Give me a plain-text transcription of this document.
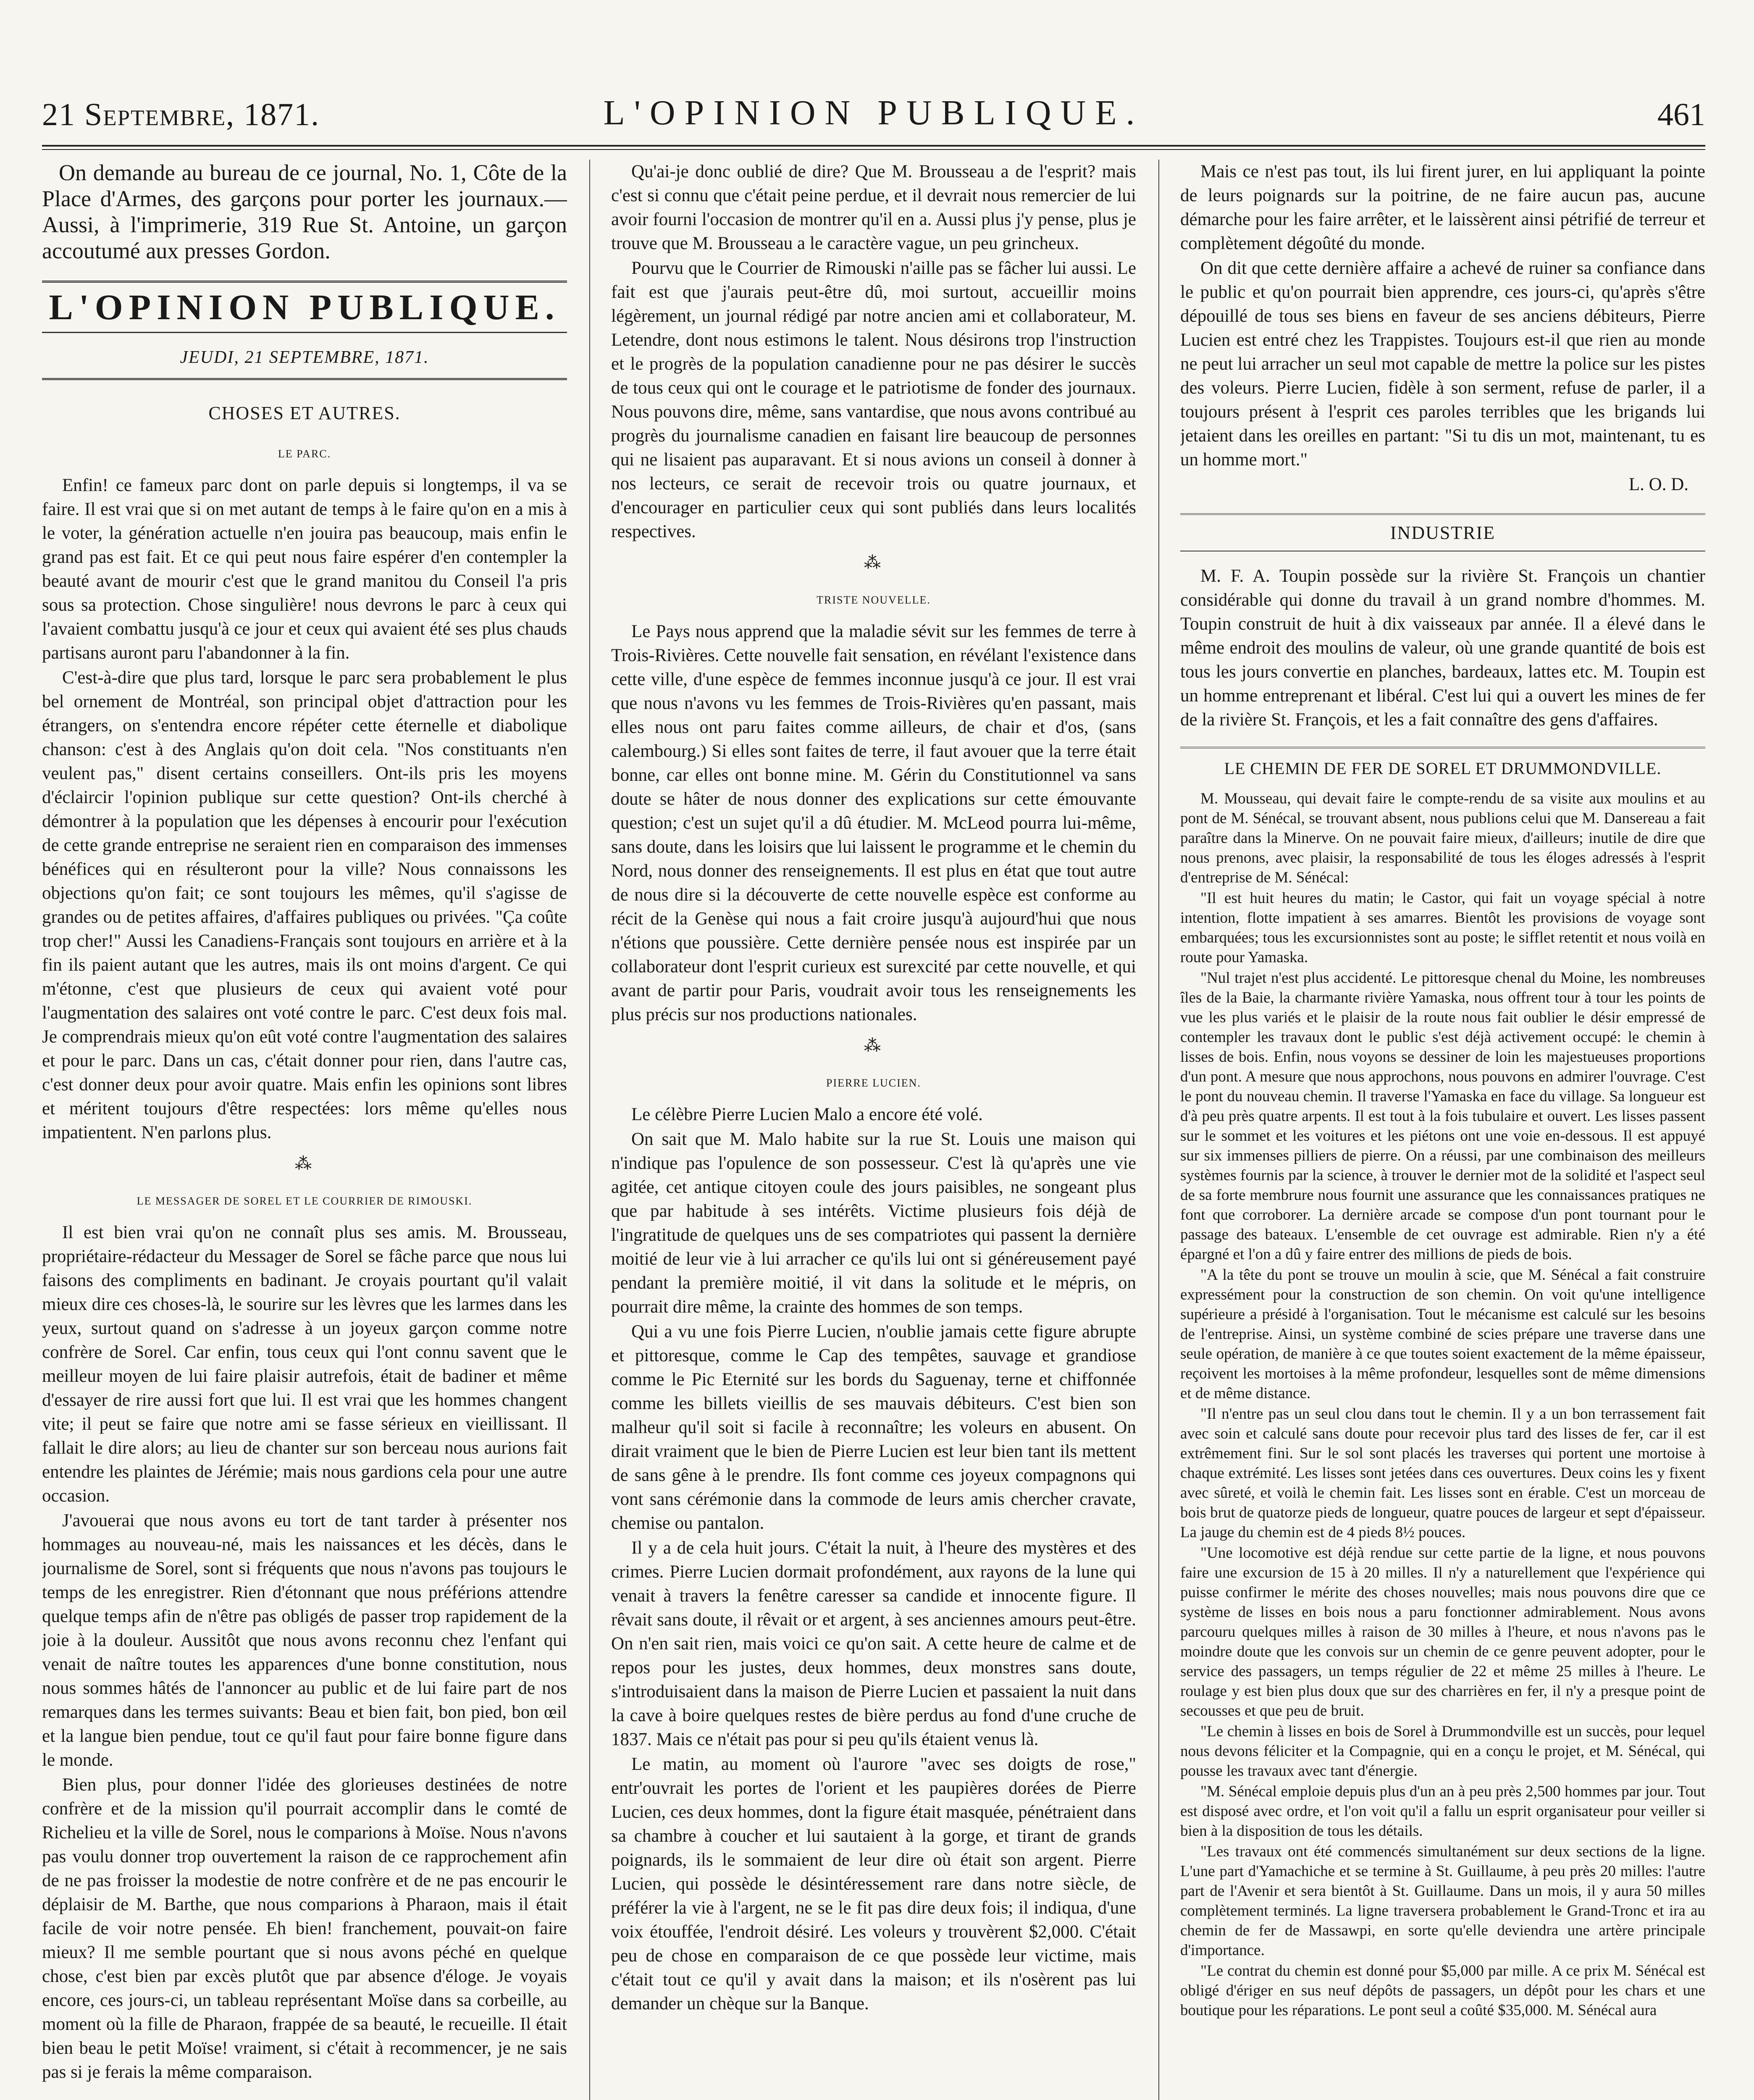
21 Septembre, 1871.	L'OPINION PUBLIQUE.	461

On demande au bureau de ce journal, No. 1, Côte de la Place d'Armes, des garçons pour porter les journaux.—Aussi, à l'imprimerie, 319 Rue St. Antoine, un garçon accoutumé aux presses Gordon.

L'OPINION PUBLIQUE.
JEUDI, 21 SEPTEMBRE, 1871.
CHOSES ET AUTRES.
LE PARC.

Enfin! ce fameux parc dont on parle depuis si longtemps, il va se faire. Il est vrai que si on met autant de temps à le faire qu'on en a mis à le voter, la génération actuelle n'en jouira pas beaucoup, mais enfin le grand pas est fait. Et ce qui peut nous faire espérer d'en contempler la beauté avant de mourir c'est que le grand manitou du Conseil l'a pris sous sa protection. Chose singulière! nous devrons le parc à ceux qui l'avaient combattu jusqu'à ce jour et ceux qui avaient été ses plus chauds partisans auront paru l'abandonner à la fin.

C'est-à-dire que plus tard, lorsque le parc sera probablement le plus bel ornement de Montréal, son principal objet d'attraction pour les étrangers, on s'entendra encore répéter cette éternelle et diabolique chanson: c'est à des Anglais qu'on doit cela. "Nos constituants n'en veulent pas," disent certains conseillers. Ont-ils pris les moyens d'éclaircir l'opinion publique sur cette question? Ont-ils cherché à démontrer à la population que les dépenses à encourir pour l'exécution de cette grande entreprise ne seraient rien en comparaison des immenses bénéfices qui en résulteront pour la ville? Nous connaissons les objections qu'on fait; ce sont toujours les mêmes, qu'il s'agisse de grandes ou de petites affaires, d'affaires publiques ou privées. "Ça coûte trop cher!" Aussi les Canadiens-Français sont toujours en arrière et à la fin ils paient autant que les autres, mais ils ont moins d'argent. Ce qui m'étonne, c'est que plusieurs de ceux qui avaient voté pour l'augmentation des salaires ont voté contre le parc. C'est deux fois mal. Je comprendrais mieux qu'on eût voté contre l'augmentation des salaires et pour le parc. Dans un cas, c'était donner pour rien, dans l'autre cas, c'est donner deux pour avoir quatre. Mais enfin les opinions sont libres et méritent toujours d'être respectées: lors même qu'elles nous impatientent. N'en parlons plus.

⁂
LE MESSAGER DE SOREL ET LE COURRIER DE RIMOUSKI.

Il est bien vrai qu'on ne connaît plus ses amis. M. Brousseau, propriétaire-rédacteur du Messager de Sorel se fâche parce que nous lui faisons des compliments en badinant. Je croyais pourtant qu'il valait mieux dire ces choses-là, le sourire sur les lèvres que les larmes dans les yeux, surtout quand on s'adresse à un joyeux garçon comme notre confrère de Sorel. Car enfin, tous ceux qui l'ont connu savent que le meilleur moyen de lui faire plaisir autrefois, était de badiner et même d'essayer de rire aussi fort que lui. Il est vrai que les hommes changent vite; il peut se faire que notre ami se fasse sérieux en vieillissant. Il fallait le dire alors; au lieu de chanter sur son berceau nous aurions fait entendre les plaintes de Jérémie; mais nous gardions cela pour une autre occasion.

J'avouerai que nous avons eu tort de tant tarder à présenter nos hommages au nouveau-né, mais les naissances et les décès, dans le journalisme de Sorel, sont si fréquents que nous n'avons pas toujours le temps de les enregistrer. Rien d'étonnant que nous préférions attendre quelque temps afin de n'être pas obligés de passer trop rapidement de la joie à la douleur. Aussitôt que nous avons reconnu chez l'enfant qui venait de naître toutes les apparences d'une bonne constitution, nous nous sommes hâtés de l'annoncer au public et de lui faire part de nos remarques dans les termes suivants: Beau et bien fait, bon pied, bon œil et la langue bien pendue, tout ce qu'il faut pour faire bonne figure dans le monde.

Bien plus, pour donner l'idée des glorieuses destinées de notre confrère et de la mission qu'il pourrait accomplir dans le comté de Richelieu et la ville de Sorel, nous le comparions à Moïse. Nous n'avons pas voulu donner trop ouvertement la raison de ce rapprochement afin de ne pas froisser la modestie de notre confrère et de ne pas encourir le déplaisir de M. Barthe, que nous comparions à Pharaon, mais il était facile de voir notre pensée. Eh bien! franchement, pouvait-on faire mieux? Il me semble pourtant que si nous avons péché en quelque chose, c'est bien par excès plutôt que par absence d'éloge. Je voyais encore, ces jours-ci, un tableau représentant Moïse dans sa corbeille, au moment où la fille de Pharaon, frappée de sa beauté, le recueille. Il était bien beau le petit Moïse! vraiment, si c'était à recommencer, je ne sais pas si je ferais la même comparaison.

Qu'ai-je donc oublié de dire? Que M. Brousseau a de l'esprit? mais c'est si connu que c'était peine perdue, et il devrait nous remercier de lui avoir fourni l'occasion de montrer qu'il en a. Aussi plus j'y pense, plus je trouve que M. Brousseau a le caractère vague, un peu grincheux.

Pourvu que le Courrier de Rimouski n'aille pas se fâcher lui aussi. Le fait est que j'aurais peut-être dû, moi surtout, accueillir moins légèrement, un journal rédigé par notre ancien ami et collaborateur, M. Letendre, dont nous estimons le talent. Nous désirons trop l'instruction et le progrès de la population canadienne pour ne pas désirer le succès de tous ceux qui ont le courage et le patriotisme de fonder des journaux. Nous pouvons dire, même, sans vantardise, que nous avons contribué au progrès du journalisme canadien en faisant lire beaucoup de personnes qui ne lisaient pas auparavant. Et si nous avions un conseil à donner à nos lecteurs, ce serait de recevoir trois ou quatre journaux, et d'encourager en particulier ceux qui sont publiés dans leurs localités respectives.

⁂
TRISTE NOUVELLE.

Le Pays nous apprend que la maladie sévit sur les femmes de terre à Trois-Rivières. Cette nouvelle fait sensation, en révélant l'existence dans cette ville, d'une espèce de femmes inconnue jusqu'à ce jour. Il est vrai que nous n'avons vu les femmes de Trois-Rivières qu'en passant, mais elles nous ont paru faites comme ailleurs, de chair et d'os, (sans calembourg.) Si elles sont faites de terre, il faut avouer que la terre était bonne, car elles ont bonne mine. M. Gérin du Constitutionnel va sans doute se hâter de nous donner des explications sur cette émouvante question; c'est un sujet qu'il a dû étudier. M. McLeod pourra lui-même, sans doute, dans les loisirs que lui laissent le programme et le chemin du Nord, nous donner des renseignements. Il est plus en état que tout autre de nous dire si la découverte de cette nouvelle espèce est conforme au récit de la Genèse qui nous a fait croire jusqu'à aujourd'hui que nous n'étions que poussière. Cette dernière pensée nous est inspirée par un collaborateur dont l'esprit curieux est surexcité par cette nouvelle, et qui avant de partir pour Paris, voudrait avoir tous les renseignements les plus précis sur nos productions nationales.

⁂
PIERRE LUCIEN.

Le célèbre Pierre Lucien Malo a encore été volé.

On sait que M. Malo habite sur la rue St. Louis une maison qui n'indique pas l'opulence de son possesseur. C'est là qu'après une vie agitée, cet antique citoyen coule des jours paisibles, ne songeant plus que par habitude à ses intérêts. Victime plusieurs fois déjà de l'ingratitude de quelques uns de ses compatriotes qui passent la dernière moitié de leur vie à lui arracher ce qu'ils lui ont si généreusement payé pendant la première moitié, il vit dans la solitude et le mépris, on pourrait dire même, la crainte des hommes de son temps.

Qui a vu une fois Pierre Lucien, n'oublie jamais cette figure abrupte et pittoresque, comme le Cap des tempêtes, sauvage et grandiose comme le Pic Eternité sur les bords du Saguenay, terne et chiffonnée comme les billets vieillis de ses mauvais débiteurs. C'est bien son malheur qu'il soit si facile à reconnaître; les voleurs en abusent. On dirait vraiment que le bien de Pierre Lucien est leur bien tant ils mettent de sans gêne à le prendre. Ils font comme ces joyeux compagnons qui vont sans cérémonie dans la commode de leurs amis chercher cravate, chemise ou pantalon.

Il y a de cela huit jours. C'était la nuit, à l'heure des mystères et des crimes. Pierre Lucien dormait profondément, aux rayons de la lune qui venait à travers la fenêtre caresser sa candide et innocente figure. Il rêvait sans doute, il rêvait or et argent, à ses anciennes amours peut-être. On n'en sait rien, mais voici ce qu'on sait. A cette heure de calme et de repos pour les justes, deux hommes, deux monstres sans doute, s'introduisaient dans la maison de Pierre Lucien et passaient la nuit dans la cave à boire quelques restes de bière perdus au fond d'une cruche de 1837. Mais ce n'était pas pour si peu qu'ils étaient venus là.

Le matin, au moment où l'aurore "avec ses doigts de rose," entr'ouvrait les portes de l'orient et les paupières dorées de Pierre Lucien, ces deux hommes, dont la figure était masquée, pénétraient dans sa chambre à coucher et lui sautaient à la gorge, et tirant de grands poignards, ils le sommaient de leur dire où était son argent. Pierre Lucien, qui possède le désintéressement rare dans notre siècle, de préférer la vie à l'argent, ne se le fit pas dire deux fois; il indiqua, d'une voix étouffée, l'endroit désiré. Les voleurs y trouvèrent $2,000. C'était peu de chose en comparaison de ce que possède leur victime, mais c'était tout ce qu'il y avait dans la maison; et ils n'osèrent pas lui demander un chèque sur la Banque.

Mais ce n'est pas tout, ils lui firent jurer, en lui appliquant la pointe de leurs poignards sur la poitrine, de ne faire aucun pas, aucune démarche pour les faire arrêter, et le laissèrent ainsi pétrifié de terreur et complètement dégoûté du monde.

On dit que cette dernière affaire a achevé de ruiner sa confiance dans le public et qu'on pourrait bien apprendre, ces jours-ci, qu'après s'être dépouillé de tous ses biens en faveur de ses anciens débiteurs, Pierre Lucien est entré chez les Trappistes. Toujours est-il que rien au monde ne peut lui arracher un seul mot capable de mettre la police sur les pistes des voleurs. Pierre Lucien, fidèle à son serment, refuse de parler, il a toujours présent à l'esprit ces paroles terribles que les brigands lui jetaient dans les oreilles en partant: "Si tu dis un mot, maintenant, tu es un homme mort."

L. O. D.

INDUSTRIE

M. F. A. Toupin possède sur la rivière St. François un chantier considérable qui donne du travail à un grand nombre d'hommes. M. Toupin construit de huit à dix vaisseaux par année. Il a élevé dans le même endroit des moulins de valeur, où une grande quantité de bois est tous les jours convertie en planches, bardeaux, lattes etc. M. Toupin est un homme entreprenant et libéral. C'est lui qui a ouvert les mines de fer de la rivière St. François, et les a fait connaître des gens d'affaires.

LE CHEMIN DE FER DE SOREL ET DRUMMONDVILLE.

M. Mousseau, qui devait faire le compte-rendu de sa visite aux moulins et au pont de M. Sénécal, se trouvant absent, nous publions celui que M. Dansereau a fait paraître dans la Minerve. On ne pouvait faire mieux, d'ailleurs; inutile de dire que nous prenons, avec plaisir, la responsabilité de tous les éloges adressés à l'esprit d'entreprise de M. Sénécal:

"Il est huit heures du matin; le Castor, qui fait un voyage spécial à notre intention, flotte impatient à ses amarres. Bientôt les provisions de voyage sont embarquées; tous les excursionnistes sont au poste; le sifflet retentit et nous voilà en route pour Yamaska.

"Nul trajet n'est plus accidenté. Le pittoresque chenal du Moine, les nombreuses îles de la Baie, la charmante rivière Yamaska, nous offrent tour à tour les points de vue les plus variés et le plaisir de la route nous fait oublier le désir empressé de contempler les travaux dont le public s'est déjà activement occupé: le chemin à lisses de bois. Enfin, nous voyons se dessiner de loin les majestueuses proportions d'un pont. A mesure que nous approchons, nous pouvons en admirer l'ouvrage. C'est le pont du nouveau chemin. Il traverse l'Yamaska en face du village. Sa longueur est d'à peu près quatre arpents. Il est tout à la fois tubulaire et ouvert. Les lisses passent sur le sommet et les voitures et les piétons ont une voie en-dessous. Il est appuyé sur six immenses pilliers de pierre. On a réussi, par une combinaison des meilleurs systèmes fournis par la science, à trouver le dernier mot de la solidité et l'aspect seul de sa forte membrure nous fournit une assurance que les connaissances pratiques ne font que corroborer. La dernière arcade se compose d'un pont tournant pour le passage des bateaux. L'ensemble de cet ouvrage est admirable. Rien n'y a été épargné et l'on a dû y faire entrer des millions de pieds de bois.

"A la tête du pont se trouve un moulin à scie, que M. Sénécal a fait construire expressément pour la construction de son chemin. On voit qu'une intelligence supérieure a présidé à l'organisation. Tout le mécanisme est calculé sur les besoins de l'entreprise. Ainsi, un système combiné de scies prépare une traverse dans une seule opération, de manière à ce que toutes soient exactement de la même épaisseur, reçoivent les mortoises à la même profondeur, lesquelles sont de même dimensions et de même distance.

"Il n'entre pas un seul clou dans tout le chemin. Il y a un bon terrassement fait avec soin et calculé sans doute pour recevoir plus tard des lisses de fer, car il est extrêmement fini. Sur le sol sont placés les traverses qui portent une mortoise à chaque extrémité. Les lisses sont jetées dans ces ouvertures. Deux coins les y fixent avec sûreté, et voilà le chemin fait. Les lisses sont en érable. C'est un morceau de bois brut de quatorze pieds de longueur, quatre pouces de largeur et sept d'épaisseur. La jauge du chemin est de 4 pieds 8½ pouces.

"Une locomotive est déjà rendue sur cette partie de la ligne, et nous pouvons faire une excursion de 15 à 20 milles. Il n'y a naturellement que l'expérience qui puisse confirmer le mérite des choses nouvelles; mais nous pouvons dire que ce système de lisses en bois nous a paru fonctionner admirablement. Nous avons parcouru quelques milles à raison de 30 milles à l'heure, et nous n'avons pas le moindre doute que les convois sur un chemin de ce genre peuvent adopter, pour le service des passagers, un temps régulier de 22 et même 25 milles à l'heure. Le roulage y est bien plus doux que sur des charrières en fer, il n'y a presque point de secousses et que peu de bruit.

"Le chemin à lisses en bois de Sorel à Drummondville est un succès, pour lequel nous devons féliciter et la Compagnie, qui en a conçu le projet, et M. Sénécal, qui pousse les travaux avec tant d'énergie.

"M. Sénécal emploie depuis plus d'un an à peu près 2,500 hommes par jour. Tout est disposé avec ordre, et l'on voit qu'il a fallu un esprit organisateur pour veiller si bien à la disposition de tous les détails.

"Les travaux ont été commencés simultanément sur deux sections de la ligne. L'une part d'Yamachiche et se termine à St. Guillaume, à peu près 20 milles: l'autre part de l'Avenir et sera bientôt à St. Guillaume. Dans un mois, il y aura 50 milles complètement terminés. La ligne traversera probablement le Grand-Tronc et ira au chemin de fer de Massawpi, en sorte qu'elle deviendra une artère principale d'importance.

"Le contrat du chemin est donné pour $5,000 par mille. A ce prix M. Sénécal est obligé d'ériger en sus neuf dépôts de passagers, un dépôt pour les chars et une boutique pour les réparations. Le pont seul a coûté $35,000. M. Sénécal aura
